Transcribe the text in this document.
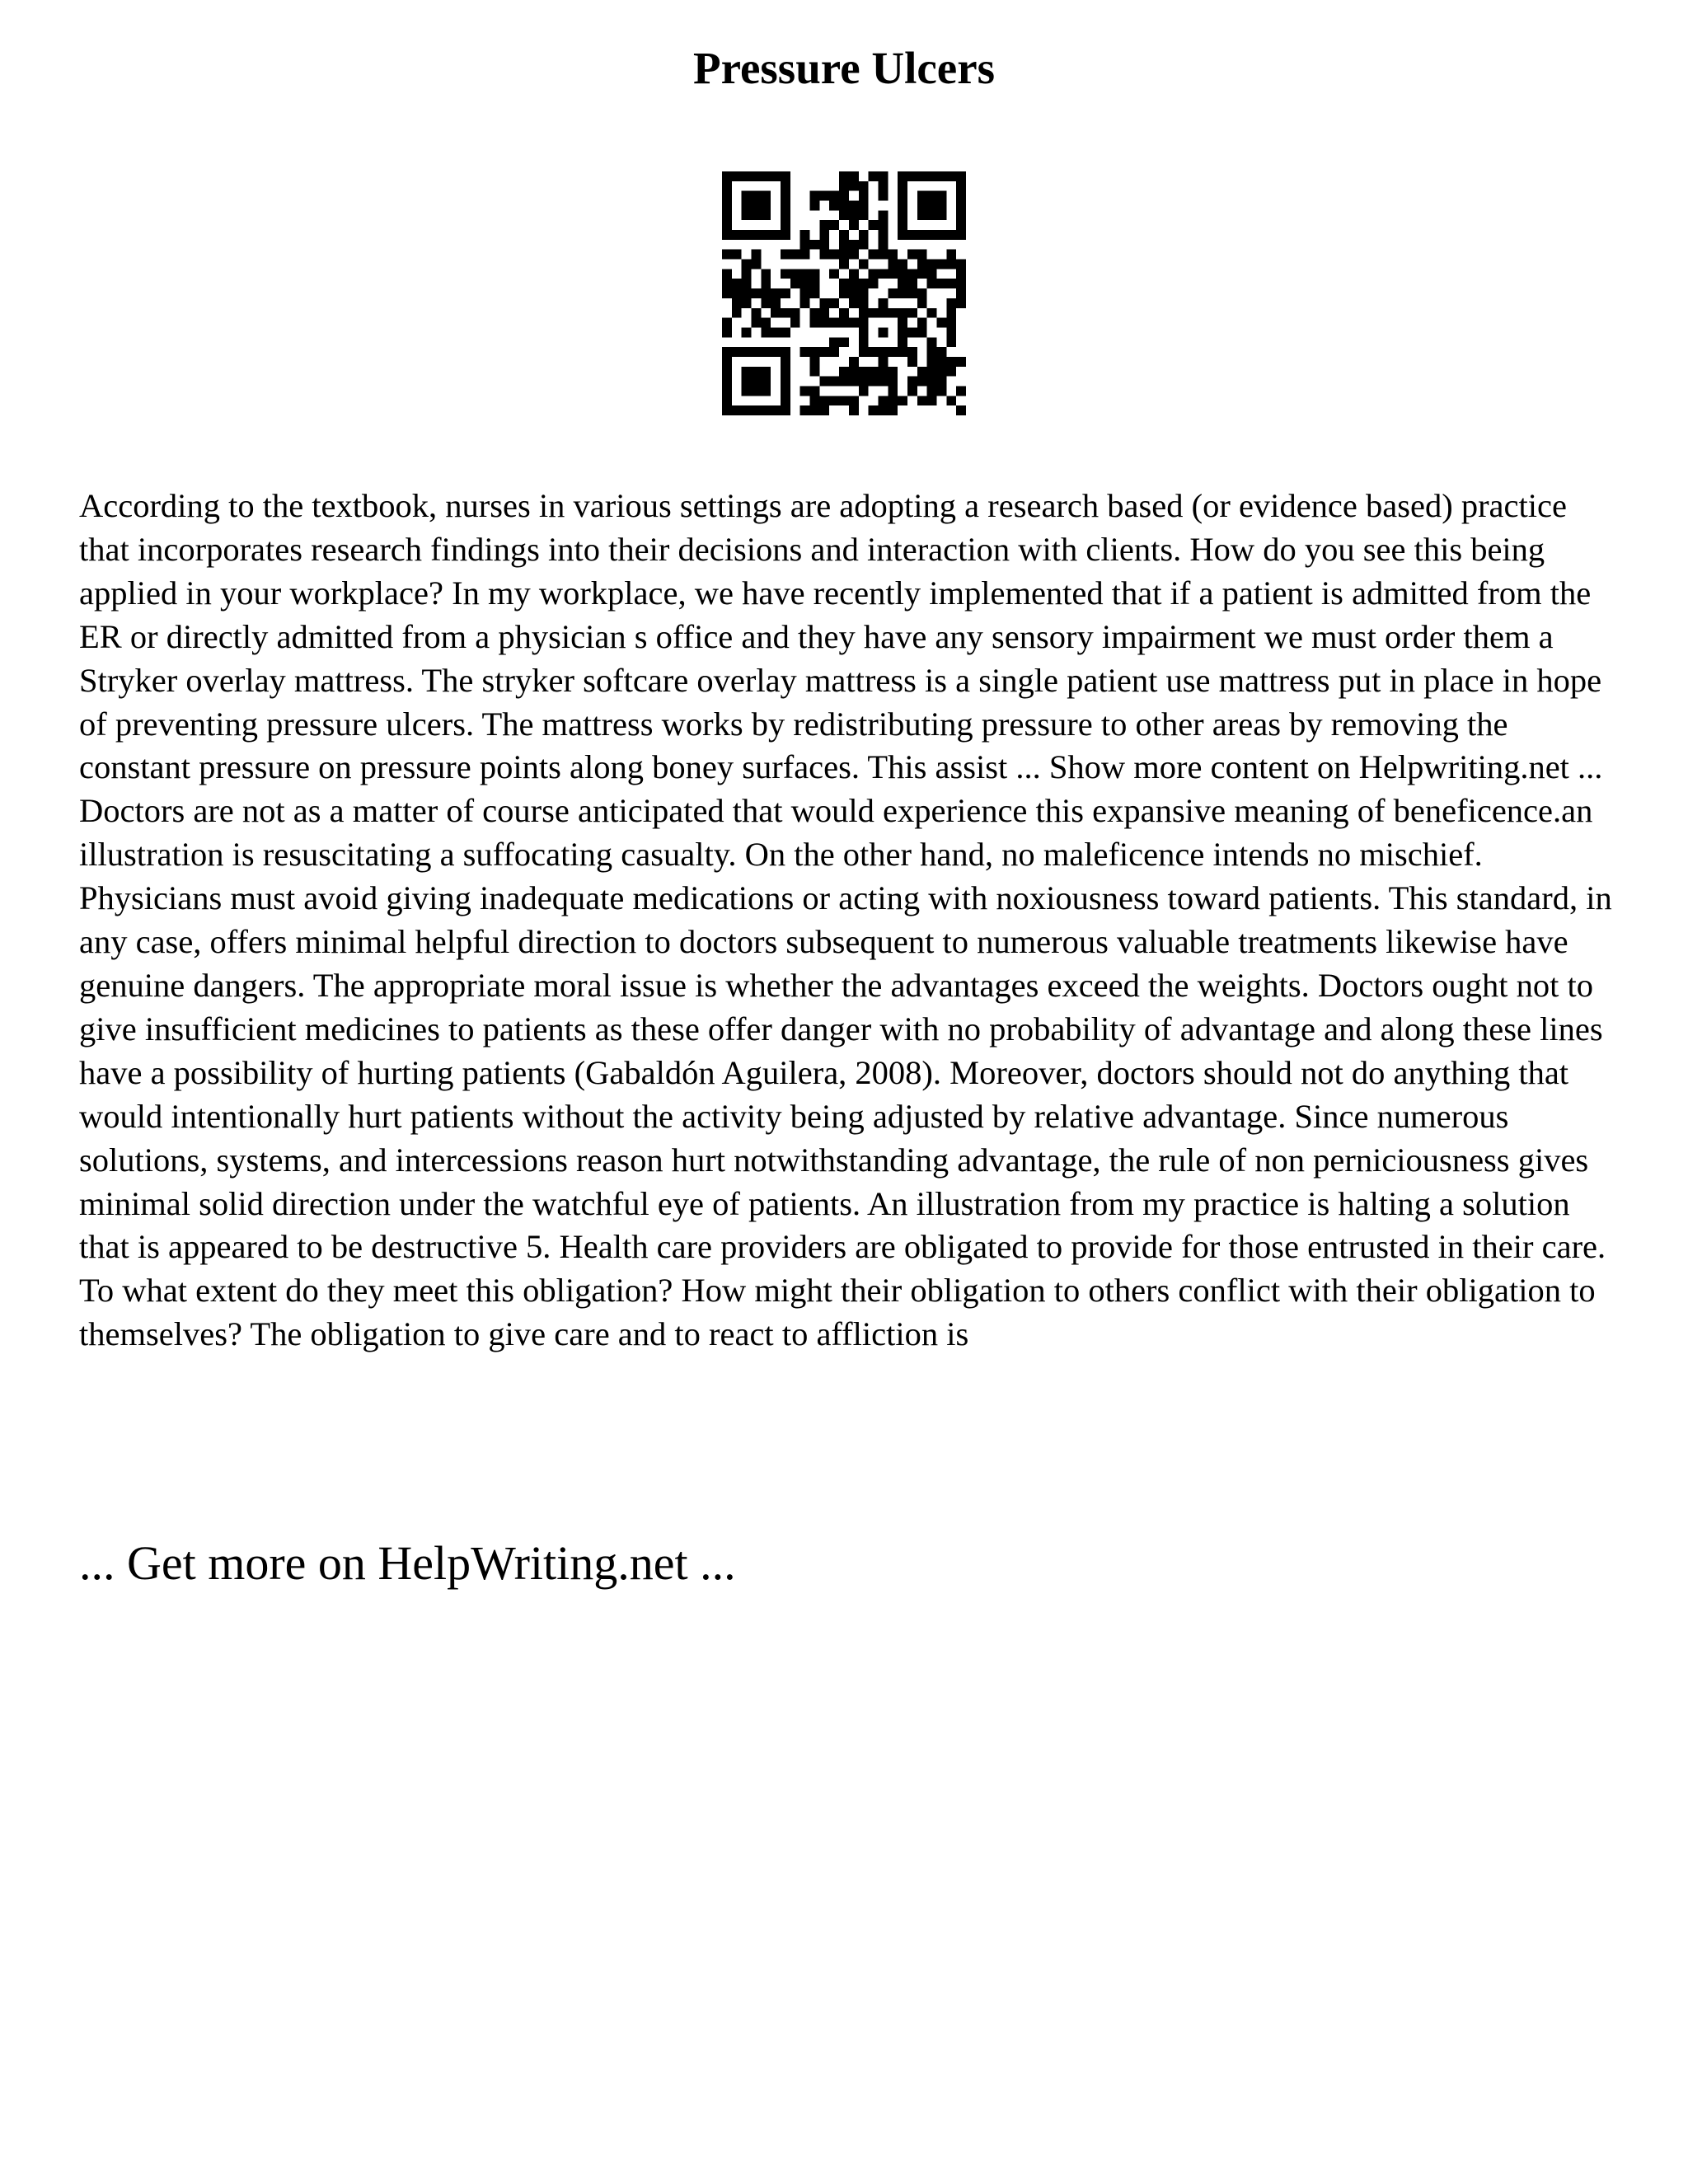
Pressure Ulcers

According to the textbook, nurses in various settings are adopting a research based (or evidence based) practice that incorporates research findings into their decisions and interaction with clients. How do you see this being applied in your workplace? In my workplace, we have recently implemented that if a patient is admitted from the ER or directly admitted from a physician s office and they have any sensory impairment we must order them a Stryker overlay mattress. The stryker softcare overlay mattress is a single patient use mattress put in place in hope of preventing pressure ulcers. The mattress works by redistributing pressure to other areas by removing the constant pressure on pressure points along boney surfaces. This assist ... Show more content on Helpwriting.net ... Doctors are not as a matter of course anticipated that would experience this expansive meaning of beneficence.an illustration is resuscitating a suffocating casualty. On the other hand, no maleficence intends no mischief. Physicians must avoid giving inadequate medications or acting with noxiousness toward patients. This standard, in any case, offers minimal helpful direction to doctors subsequent to numerous valuable treatments likewise have genuine dangers. The appropriate moral issue is whether the advantages exceed the weights. Doctors ought not to give insufficient medicines to patients as these offer danger with no probability of advantage and along these lines have a possibility of hurting patients (Gabaldón Aguilera, 2008). Moreover, doctors should not do anything that would intentionally hurt patients without the activity being adjusted by relative advantage. Since numerous solutions, systems, and intercessions reason hurt notwithstanding advantage, the rule of non perniciousness gives minimal solid direction under the watchful eye of patients. An illustration from my practice is halting a solution that is appeared to be destructive 5. Health care providers are obligated to provide for those entrusted in their care. To what extent do they meet this obligation? How might their obligation to others conflict with their obligation to themselves? The obligation to give care and to react to affliction is

... Get more on HelpWriting.net ...
